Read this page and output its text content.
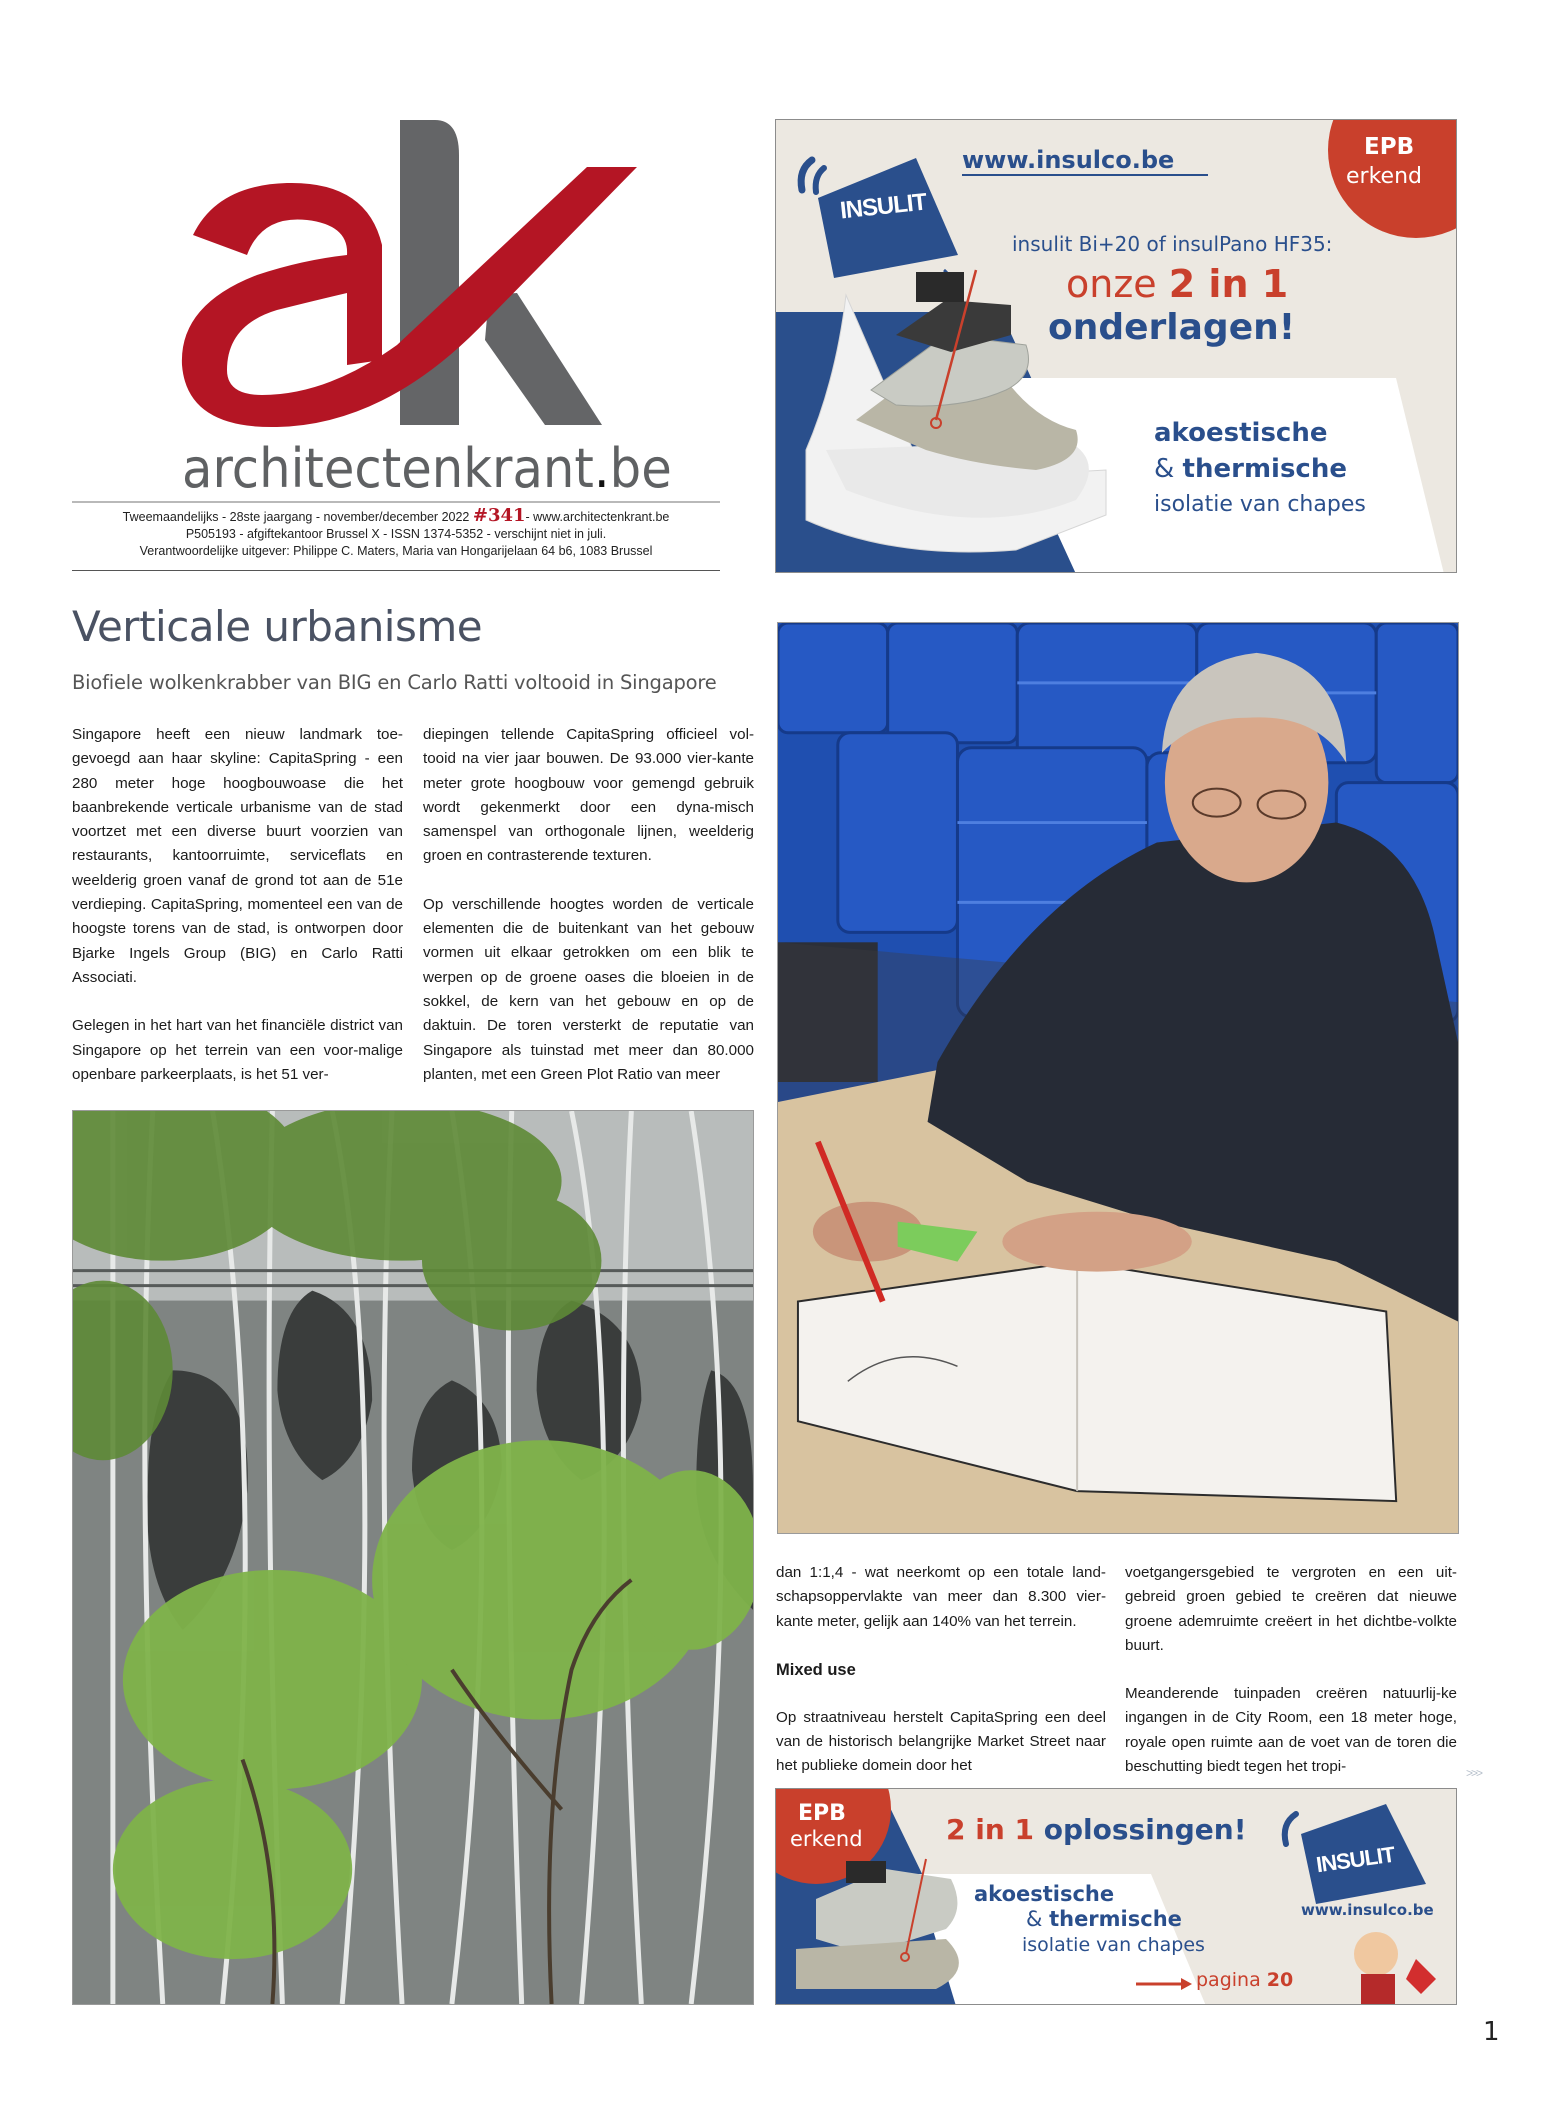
architectenkrant.be
Tweemaandelijks - 28ste jaargang - november/december 2022 #341- www.architectenkrant.be
P505193 - afgiftekantoor Brussel X - ISSN 1374-5352 - verschijnt niet in juli.
Verantwoordelijke uitgever: Philippe C. Maters, Maria van Hongarijelaan 64 b6, 1083 Brussel
INSULIT
www.insulco.be	EPB
erkend
insulit Bi+20 of insulPano HF35:
onze 2 in 1
onderlagen!
akoestische
& thermische
isolatie van chapes
Verticale urbanisme
Biofiele wolkenkrabber van BIG en Carlo Ratti voltooid in Singapore

Singapore heeft een nieuw landmark toe-gevoegd aan haar skyline: CapitaSpring - een 280 meter hoge hoogbouwoase die het baanbrekende verticale urbanisme van de stad voortzet met een diverse buurt voorzien van restaurants, kantoorruimte, serviceflats en weelderig groen vanaf de grond tot aan de 51e verdieping. CapitaSpring, momenteel een van de hoogste torens van de stad, is ontworpen door Bjarke Ingels Group (BIG) en Carlo Ratti Associati.

Gelegen in het hart van het financiële district van Singapore op het terrein van een voor-malige openbare parkeerplaats, is het 51 ver-

diepingen tellende CapitaSpring officieel vol-tooid na vier jaar bouwen. De 93.000 vier-kante meter grote hoogbouw voor gemengd gebruik wordt gekenmerkt door een dyna-misch samenspel van orthogonale lijnen, weelderig groen en contrasterende texturen.

Op verschillende hoogtes worden de verticale elementen die de buitenkant van het gebouw vormen uit elkaar getrokken om een blik te werpen op de groene oases die bloeien in de sokkel, de kern van het gebouw en op de daktuin. De toren versterkt de reputatie van Singapore als tuinstad met meer dan 80.000 planten, met een Green Plot Ratio van meer

dan 1:1,4 - wat neerkomt op een totale land-schapsoppervlakte van meer dan 8.300 vier-kante meter, gelijk aan 140% van het terrein.

Mixed use

Op straatniveau herstelt CapitaSpring een deel van de historisch belangrijke Market Street naar het publieke domein door het

voetgangersgebied te vergroten en een uit-gebreid groen gebied te creëren dat nieuwe groene ademruimte creëert in het dichtbe-volkte buurt.

Meanderende tuinpaden creëren natuurlij-ke ingangen in de City Room, een 18 meter hoge, royale open ruimte aan de voet van de toren die beschutting biedt tegen het tropi-	>>>
EPB
erkend	2 in 1 oplossingen!
akoestische
& thermische
isolatie van chapes
pagina 20
INSULIT
www.insulco.be
1
